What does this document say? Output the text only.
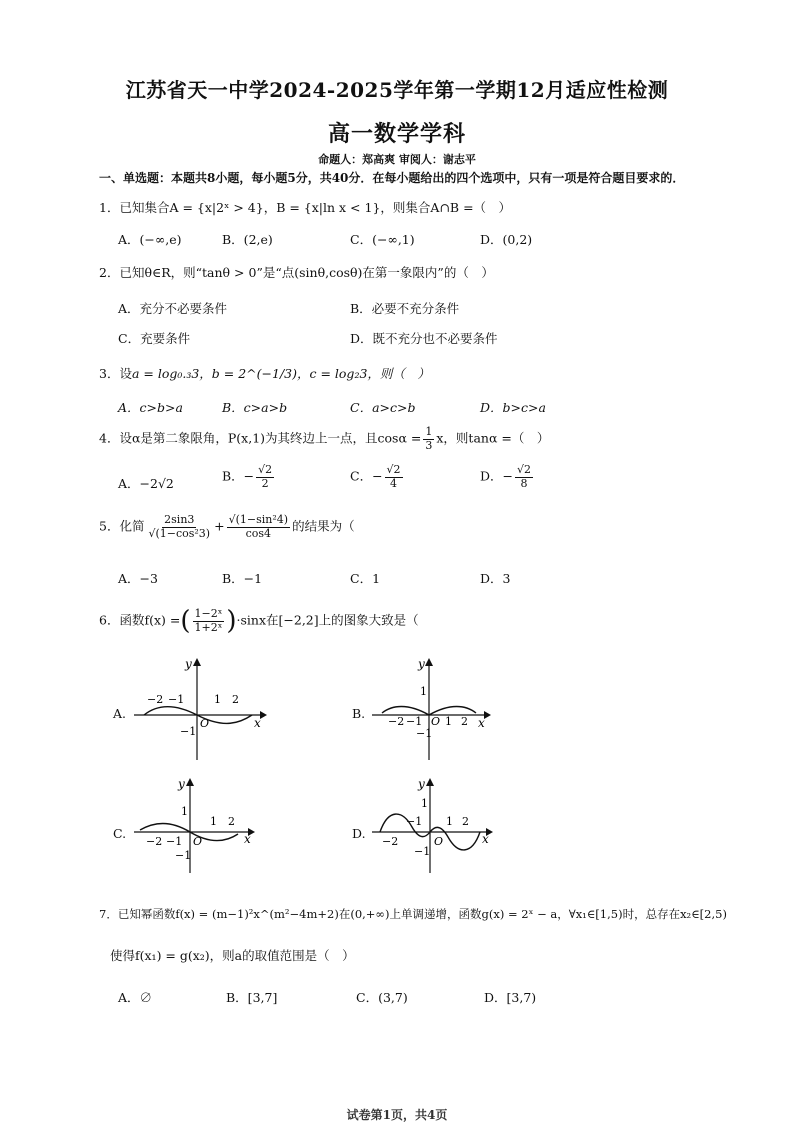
江苏省天一中学2024-2025学年第一学期12月适应性检测
高一数学学科
命题人：郑高爽 审阅人：谢志平
一、单选题：本题共8小题，每小题5分，共40分．在每小题给出的四个选项中，只有一项是符合题目要求的．
1．已知集合A = {x|2ˣ > 4}，B = {x|ln x < 1}，则集合A∩B =（　）
A．(−∞,e)	B．(2,e)	C．(−∞,1)	D．(0,2)
2．已知θ∈R，则“tanθ > 0”是“点(sinθ,cosθ)在第一象限内”的（　）
A．充分不必要条件	B．必要不充分条件
C．充要条件	D．既不充分也不必要条件
3．设a = log₀.₃3，b = 2^(−1/3)，c = log₂3，则（　）
A．c>b>a	B．c>a>b	C．a>c>b	D．b>c>a
4．设α是第二象限角，P(x,1)为其终边上一点，且$\cos\alpha = \frac{1}{3}$ x，则tanα =（　）
A．−2√2	B．− $\frac{√2}{2}$	C．− $\frac{√2}{4}$	D．− $\frac{√2}{8}$
5．化简 $\frac{2\sin 3}{\text{√(1−cos²3)}} + \frac{\text{√(1−sin²4)}}{\cos 4}$ 的结果为（
A．−3	B．−1	C．1	D．3
6．函数f(x) =( $\frac{\text{1−2ˣ}}{\text{1+2ˣ}} )\cdot\sin x$在[−2,2]上的图象大致是（
A.
y
x
O
−2 −1	1 2
−1
B.
y
x
1
−1
−2 −1 O 1 2
C.
y
x
1
−1
−2 −1 O
1 2
D.
y
x
1
−1
−2
−1
O
1 2
7．已知幂函数f(x) = (m−1)²x^(m²−4m+2)在(0,+∞)上单调递增，函数g(x) = 2ˣ − a，∀x₁∈[1,5)时，总存在x₂∈[2,5)
使得f(x₁) = g(x₂)，则a的取值范围是（　）
A．∅	B．[3,7]	C．(3,7)	D．[3,7)
试卷第1页，共4页
